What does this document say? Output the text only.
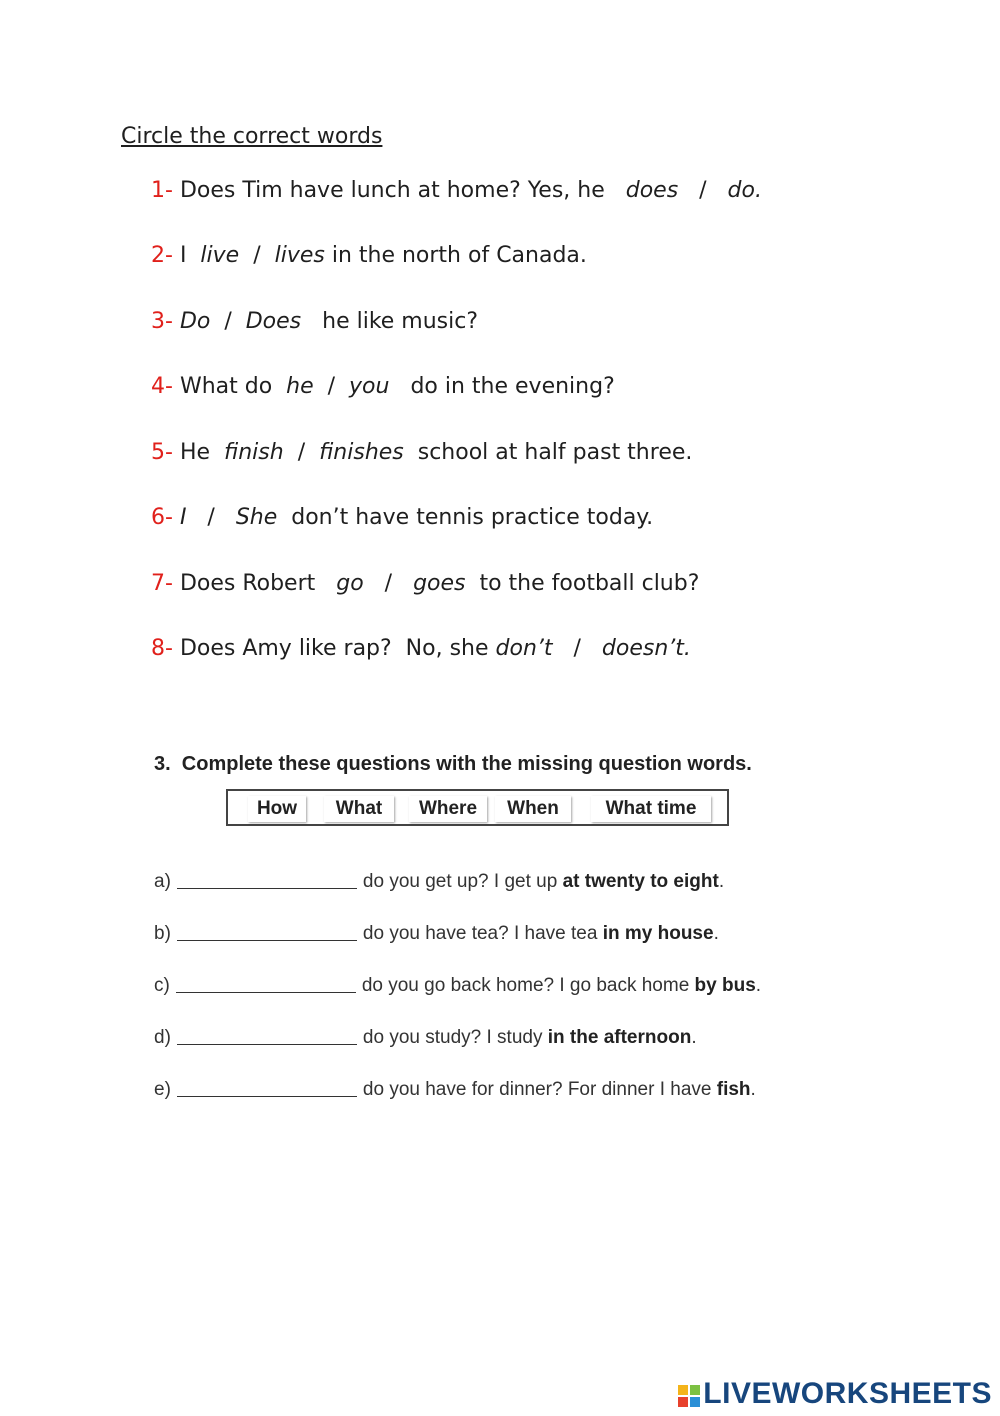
Circle the correct words
1- Does Tim have lunch at home? Yes, he   does   /   do.
2- I  live  /  lives in the north of Canada.
3- Do  /  Does   he like music?
4- What do  he  /  you   do in the evening?
5- He  finish  /  finishes  school at half past three.
6- I   /   She  don’t have tennis practice today.
7- Does Robert   go   /   goes  to the football club?
8- Does Amy like rap?  No, she don’t   /   doesn’t.
3.  Complete these questions with the missing question words.
How	What	Where	When	What time
a)	do you get up? I get up at twenty to eight.
b)	do you have tea? I have tea in my house.
c)	do you go back home? I go back home by bus.
d)	do you study? I study in the afternoon.
e)	do you have for dinner? For dinner I have fish.
LIVEWORKSHEETS
